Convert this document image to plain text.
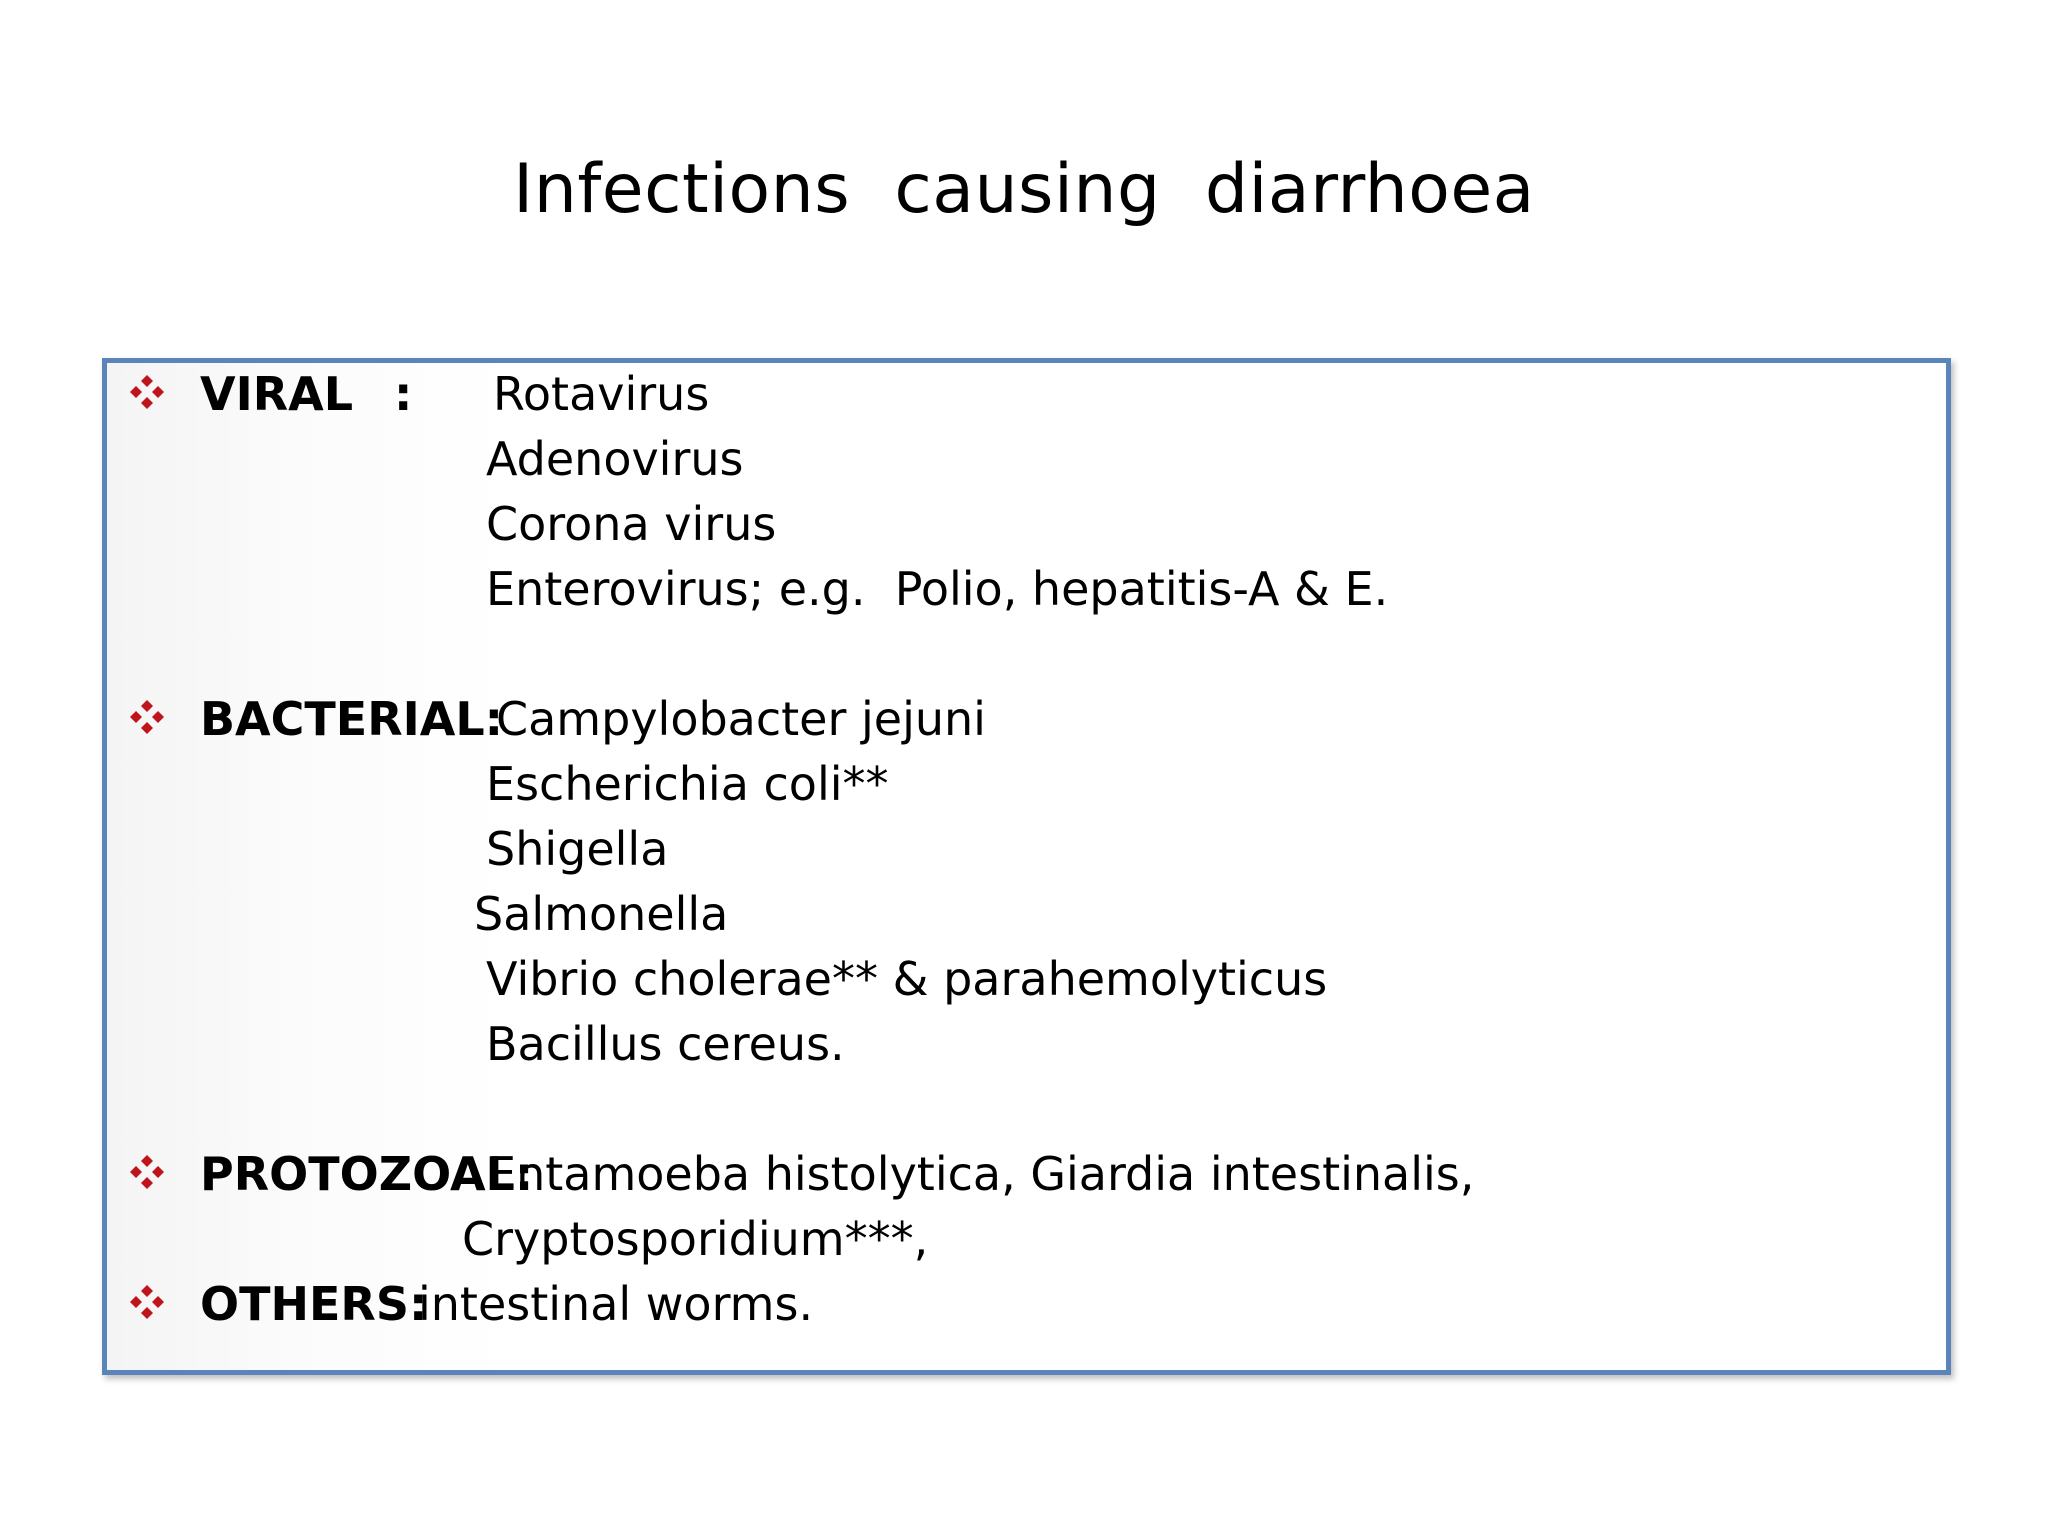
Infections  causing  diarrhoea
VIRAL : Rotavirus
Adenovirus
Corona virus
Enterovirus; e.g.  Polio, hepatitis-A & E.
BACTERIAL:
Campylobacter jejuni
Escherichia coli**
Shigella
Salmonella
Vibrio cholerae** & parahemolyticus
Bacillus cereus.
PROTOZOAL:
Entamoeba histolytica, Giardia intestinalis,
Cryptosporidium***,
OTHERS:
intestinal worms.
